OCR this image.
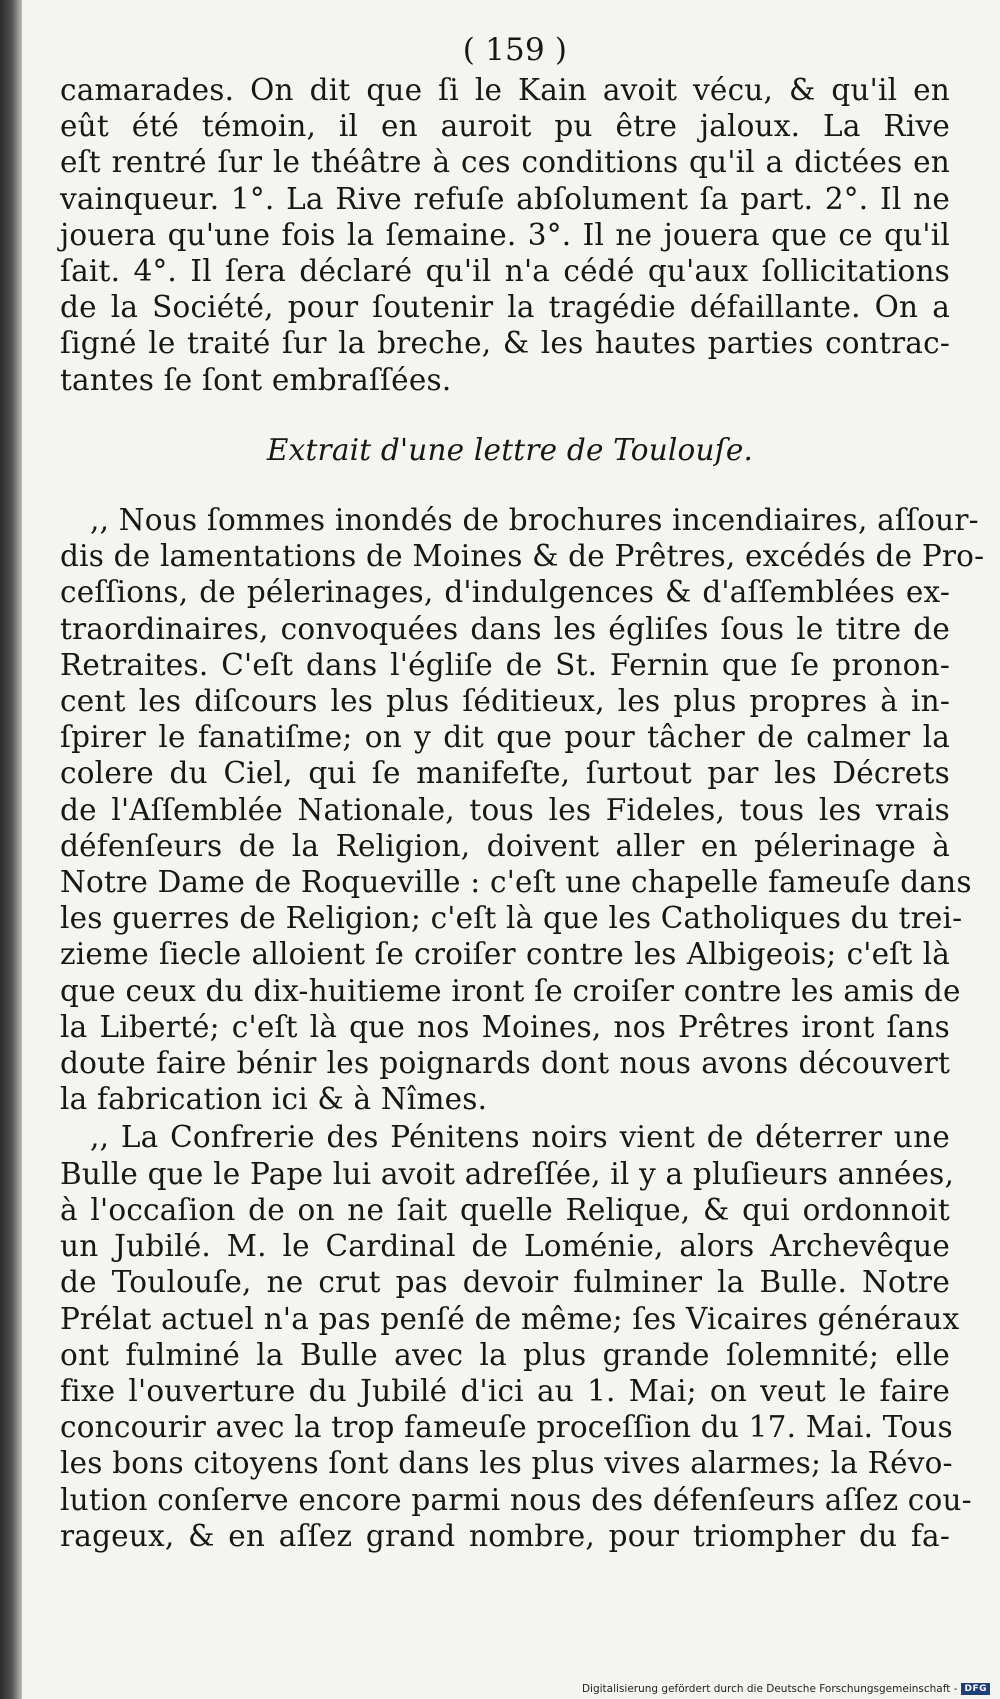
( 159 )
camarades. On dit que ſi le Kain avoit vécu, & qu'il en
eût été témoin, il en auroit pu être jaloux. La Rive
eſt rentré ſur le théâtre à ces conditions qu'il a dictées en
vainqueur. 1°. La Rive refuſe abſolument ſa part. 2°. Il ne
jouera qu'une fois la ſemaine. 3°. Il ne jouera que ce qu'il
ſait. 4°. Il ſera déclaré qu'il n'a cédé qu'aux ſollicitations
de la Société, pour ſoutenir la tragédie défaillante. On a
ſigné le traité ſur la breche, & les hautes parties contrac-
tantes ſe ſont embraſſées.
Extrait d'une lettre de Toulouſe.
,, Nous ſommes inondés de brochures incendiaires, aſſour-
dis de lamentations de Moines & de Prêtres, excédés de Pro-
ceſſions, de pélerinages, d'indulgences & d'aſſemblées ex-
traordinaires, convoquées dans les égliſes ſous le titre de
Retraites. C'eſt dans l'égliſe de St. Fernin que ſe pronon-
cent les diſcours les plus ſéditieux, les plus propres à in-
ſpirer le fanatiſme; on y dit que pour tâcher de calmer la
colere du Ciel, qui ſe manifeſte, ſurtout par les Décrets
de l'Aſſemblée Nationale, tous les Fideles, tous les vrais
défenſeurs de la Religion, doivent aller en pélerinage à
Notre Dame de Roqueville : c'eſt une chapelle fameuſe dans
les guerres de Religion; c'eſt là que les Catholiques du trei-
zieme ſiecle alloient ſe croiſer contre les Albigeois; c'eſt là
que ceux du dix-huitieme iront ſe croiſer contre les amis de
la Liberté; c'eſt là que nos Moines, nos Prêtres iront ſans
doute faire bénir les poignards dont nous avons découvert
la fabrication ici & à Nîmes.
,, La Confrerie des Pénitens noirs vient de déterrer une
Bulle que le Pape lui avoit adreſſée, il y a pluſieurs années,
à l'occaſion de on ne ſait quelle Relique, & qui ordonnoit
un Jubilé. M. le Cardinal de Loménie, alors Archevêque
de Toulouſe, ne crut pas devoir fulminer la Bulle. Notre
Prélat actuel n'a pas penſé de même; ſes Vicaires généraux
ont fulminé la Bulle avec la plus grande ſolemnité; elle
fixe l'ouverture du Jubilé d'ici au 1. Mai; on veut le faire
concourir avec la trop fameuſe proceſſion du 17. Mai. Tous
les bons citoyens ſont dans les plus vives alarmes; la Révo-
lution conſerve encore parmi nous des défenſeurs aſſez cou-
rageux, & en aſſez grand nombre, pour triompher du fa-
Digitalisierung gefördert durch die Deutsche Forschungsgemeinschaft - DFG
